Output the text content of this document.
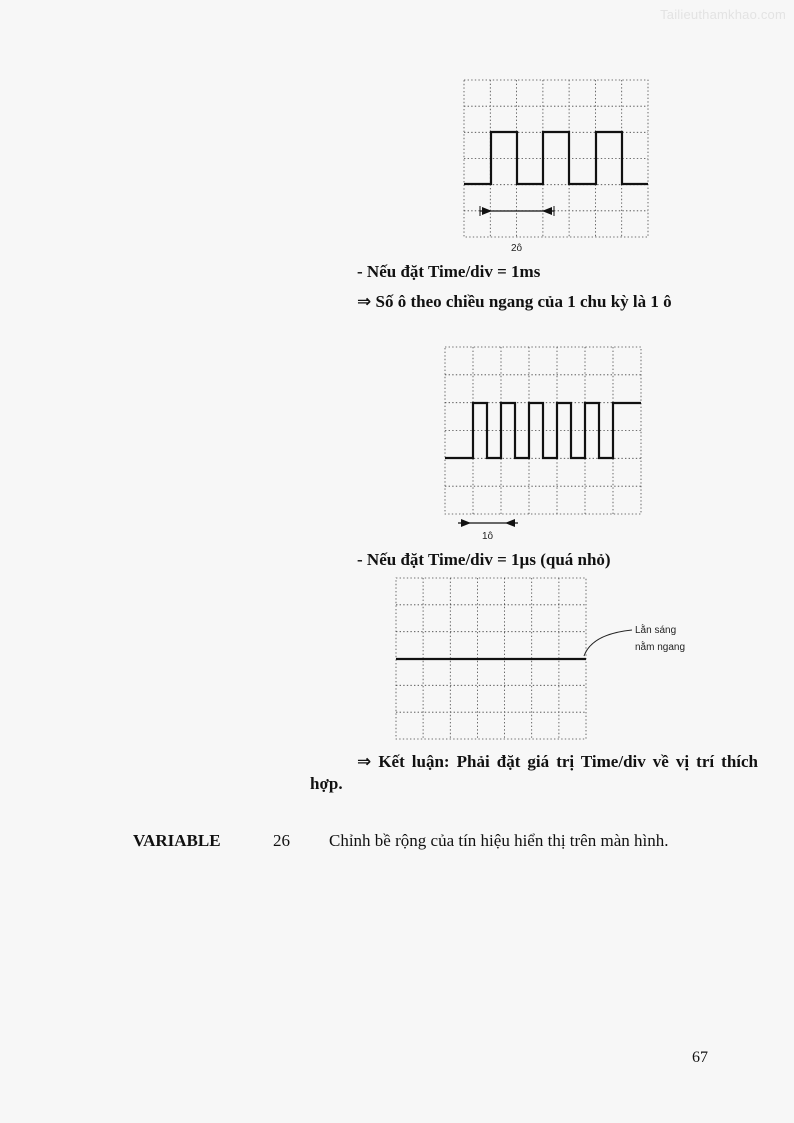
Tailieuthamkhao.com
2ô
- Nếu đặt Time/div = 1ms
⇒ Số ô theo chiều ngang của 1 chu kỳ là 1 ô
1ô
- Nếu đặt Time/div = 1µs (quá nhỏ)
Lằn sáng
nằm ngang
⇒ Kết luận: Phải đặt giá trị Time/div về vị trí thích hợp.
VARIABLE	26 Chỉnh bề rộng của tín hiệu hiển thị trên màn hình.
67
